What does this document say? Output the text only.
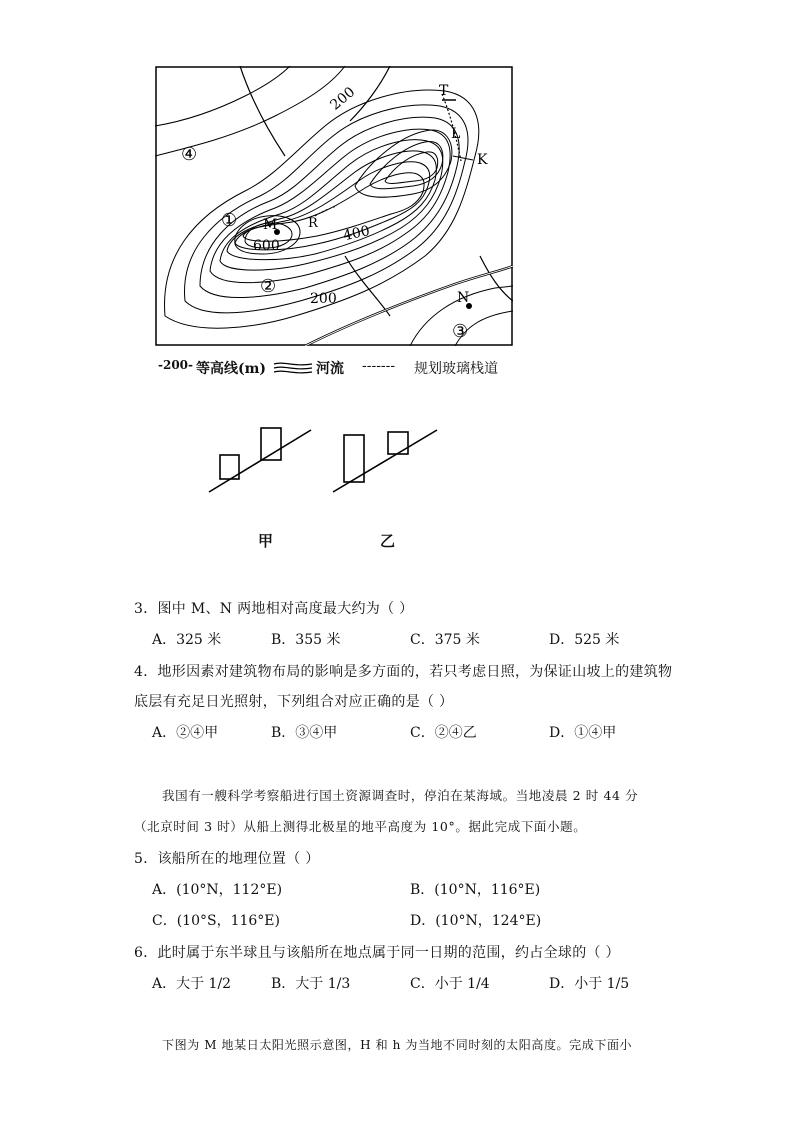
200
200
400
600
M R
T
L
K
N
①
②
③
④
-200- 等高线(m)	河流 ------- 规划玻璃栈道
甲	乙
3．图中 M、N 两地相对高度最大约为（ ）
A．325 米	B．355 米	C．375 米	D．525 米
4．地形因素对建筑物布局的影响是多方面的，若只考虑日照，为保证山坡上的建筑物
底层有充足日光照射，下列组合对应正确的是（ ）
A．②④甲	B．③④甲	C．②④乙	D．①④甲
我国有一艘科学考察船进行国土资源调查时，停泊在某海域。当地凌晨 2 时 44 分
（北京时间 3 时）从船上测得北极星的地平高度为 10°。据此完成下面小题。
5．该船所在的地理位置（ ）
A．(10°N，112°E)	B．(10°N，116°E)
C．(10°S，116°E)	D．(10°N，124°E)
6．此时属于东半球且与该船所在地点属于同一日期的范围，约占全球的（ ）
A．大于 1/2	B．大于 1/3	C．小于 1/4	D．小于 1/5
下图为 M 地某日太阳光照示意图，H 和 h 为当地不同时刻的太阳高度。完成下面小
